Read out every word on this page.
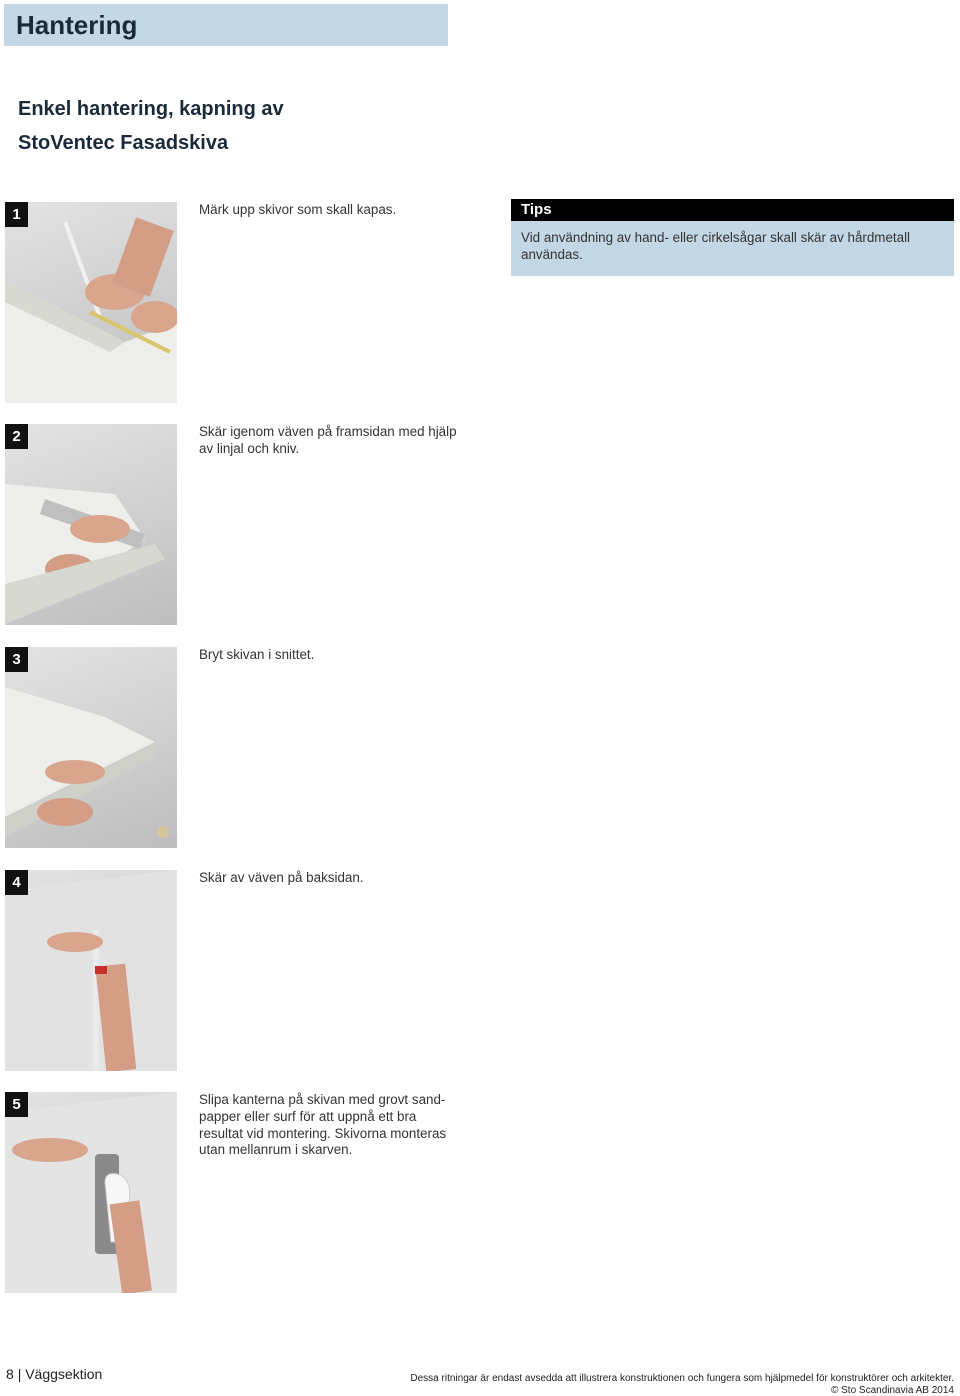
Hantering
Enkel hantering, kapning av
StoVentec Fasadskiva
1	Märk upp skivor som skall kapas.	Tips
Vid användning av hand- eller cirkelsågar skall skär av hårdmetall användas.
2	Skär igenom väven på framsidan med hjälp av linjal och kniv.
3	Bryt skivan i snittet.
4	Skär av väven på baksidan.
5	Slipa kanterna på skivan med grovt sand-papper eller surf för att uppnå ett bra resultat vid montering. Skivorna monteras utan mellanrum i skarven.
8 | Väggsektion	Dessa ritningar är endast avsedda att illustrera konstruktionen och fungera som hjälpmedel för konstruktörer och arkitekter.
© Sto Scandinavia AB 2014
